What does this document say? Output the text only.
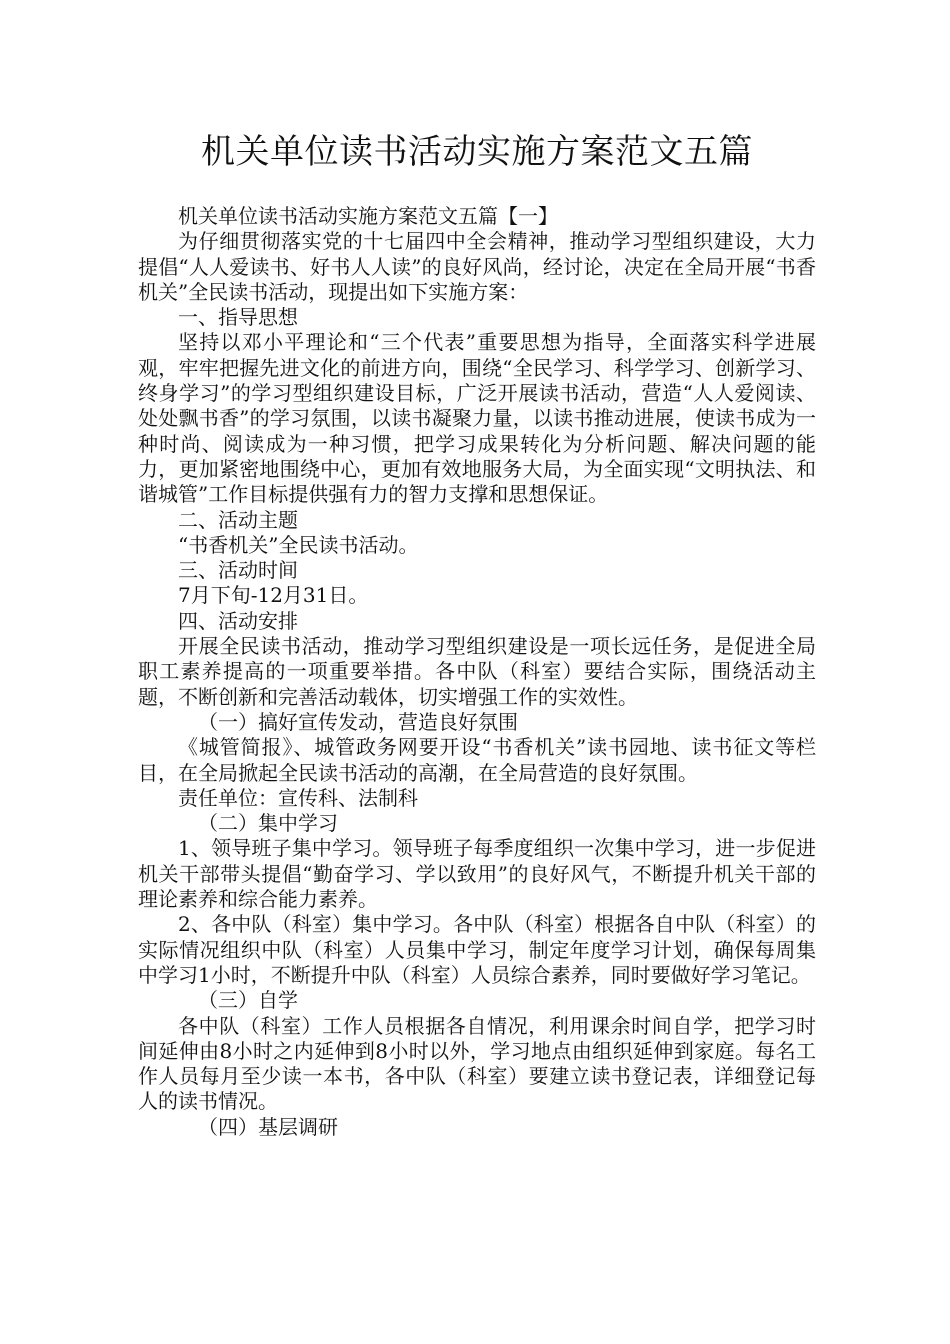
机关单位读书活动实施方案范文五篇

机关单位读书活动实施方案范文五篇【一】

为仔细贯彻落实党的十七届四中全会精神，推动学习型组织建设，大力提倡“人人爱读书、好书人人读”的良好风尚，经讨论，决定在全局开展“书香机关”全民读书活动，现提出如下实施方案：

一、指导思想

坚持以邓小平理论和“三个代表”重要思想为指导，全面落实科学进展观，牢牢把握先进文化的前进方向，围绕“全民学习、科学学习、创新学习、终身学习”的学习型组织建设目标，广泛开展读书活动，营造“人人爱阅读、处处飘书香”的学习氛围，以读书凝聚力量，以读书推动进展，使读书成为一种时尚、阅读成为一种习惯，把学习成果转化为分析问题、解决问题的能力，更加紧密地围绕中心，更加有效地服务大局，为全面实现“文明执法、和谐城管”工作目标提供强有力的智力支撑和思想保证。

二、活动主题

“书香机关”全民读书活动。

三、活动时间

7月下旬-12月31日。

四、活动安排

开展全民读书活动，推动学习型组织建设是一项长远任务，是促进全局职工素养提高的一项重要举措。各中队（科室）要结合实际，围绕活动主题，不断创新和完善活动载体，切实增强工作的实效性。

（一）搞好宣传发动，营造良好氛围

《城管简报》、城管政务网要开设“书香机关”读书园地、读书征文等栏目，在全局掀起全民读书活动的高潮，在全局营造的良好氛围。

责任单位：宣传科、法制科

（二）集中学习

1、领导班子集中学习。领导班子每季度组织一次集中学习，进一步促进机关干部带头提倡“勤奋学习、学以致用”的良好风气，不断提升机关干部的理论素养和综合能力素养。

2、各中队（科室）集中学习。各中队（科室）根据各自中队（科室）的实际情况组织中队（科室）人员集中学习，制定年度学习计划，确保每周集中学习1小时，不断提升中队（科室）人员综合素养，同时要做好学习笔记。

（三）自学

各中队（科室）工作人员根据各自情况，利用课余时间自学，把学习时间延伸由8小时之内延伸到8小时以外，学习地点由组织延伸到家庭。每名工作人员每月至少读一本书，各中队（科室）要建立读书登记表，详细登记每人的读书情况。

（四）基层调研
